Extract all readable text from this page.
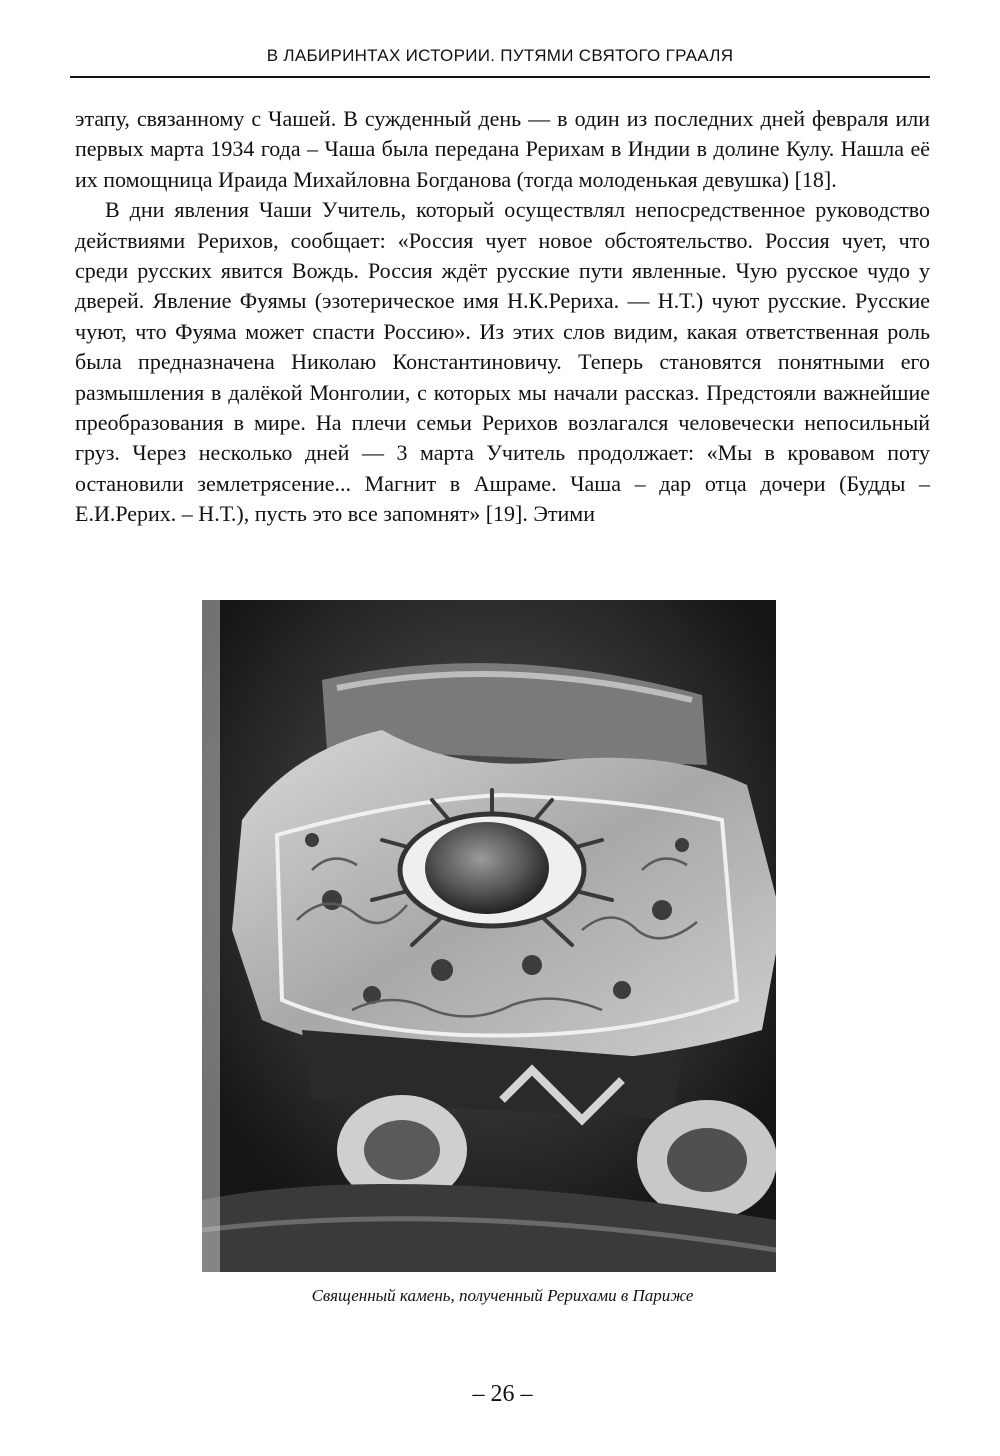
В ЛАБИРИНТАХ ИСТОРИИ. ПУТЯМИ СВЯТОГО ГРААЛЯ

этапу, связанному с Чашей. В сужденный день — в один из последних дней февраля или первых марта 1934 года – Чаша была передана Рерихам в Индии в долине Кулу. Нашла её их помощница Ираида Михайловна Богданова (тогда молоденькая девушка) [18].

В дни явления Чаши Учитель, который осуществлял непосредственное руководство действиями Рерихов, сообщает: «Россия чует новое обстоятельство. Россия чует, что среди русских явится Вождь. Россия ждёт русские пути явленные. Чую русское чудо у дверей. Явление Фуямы (эзотерическое имя Н.К.Рериха. — Н.Т.) чуют русские. Русские чуют, что Фуяма может спасти Россию». Из этих слов видим, какая ответственная роль была предназначена Николаю Константиновичу. Теперь становятся понятными его размышления в далёкой Монголии, с которых мы начали рассказ. Предстояли важнейшие преобразования в мире. На плечи семьи Рерихов возлагался человечески непосильный груз. Через несколько дней — 3 марта Учитель продолжает: «Мы в кровавом поту остановили землетрясение... Магнит в Ашраме. Чаша – дар отца дочери (Будды – Е.И.Рерих. – Н.Т.), пусть это все запомнят» [19]. Этими

Священный камень, полученный Рерихами в Париже
– 26 –
